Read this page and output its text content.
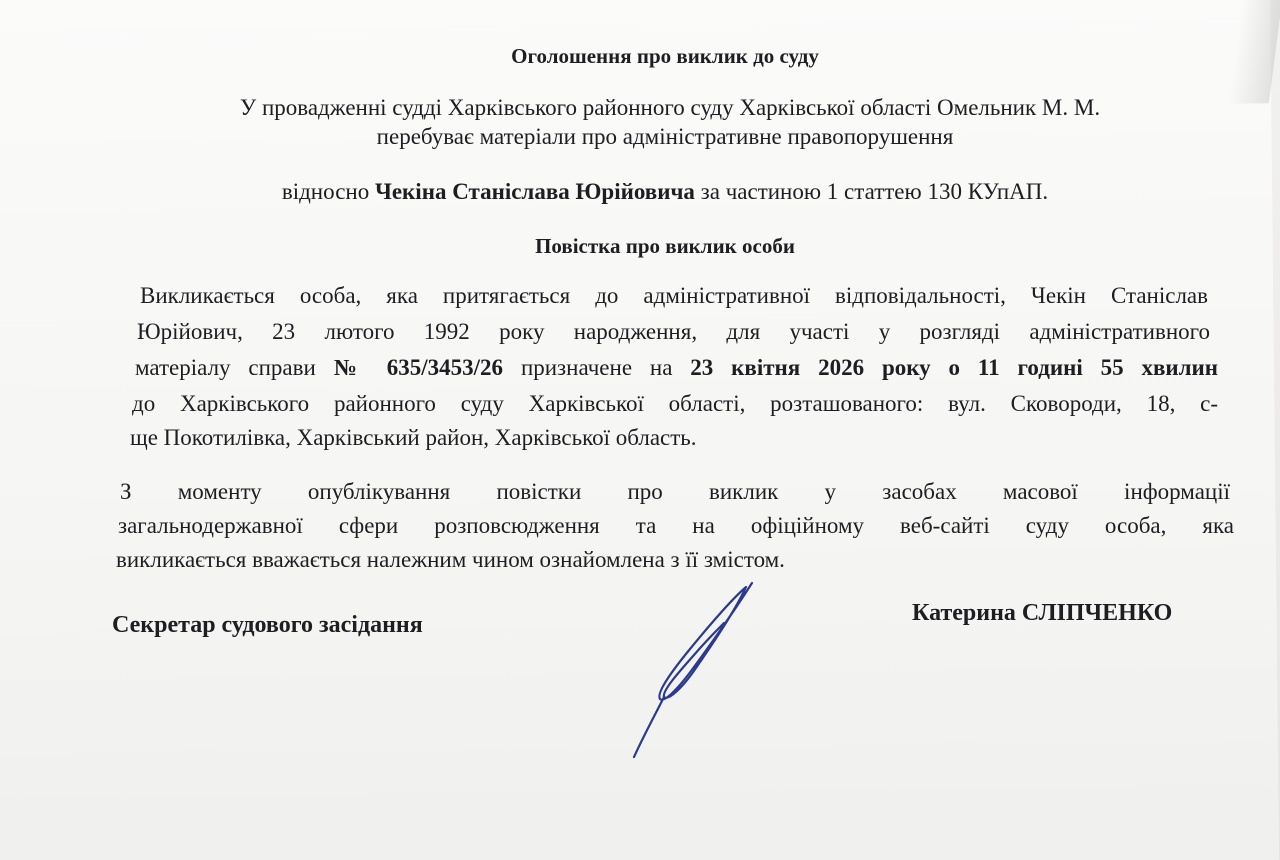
Оголошення про виклик до суду
У провадженні судді Харківського районного суду Харківської області Омельник М. М.
перебуває матеріали про адміністративне правопорушення
відносно Чекіна Станіслава Юрійовича за частиною 1 статтею 130 КУпАП.
Повістка про виклик особи
Викликається особа, яка притягається до адміністративної відповідальності, Чекін Станіслав
Юрійович, 23 лютого 1992 року народження, для участі у розгляді адміністративного
матеріалу справи № 635/3453/26 призначене на 23 квітня 2026 року о 11 годині 55 хвилин
до Харківського районного суду Харківської області, розташованого: вул. Сковороди, 18, с-
ще Покотилівка, Харківський район, Харківської область.
З моменту опублікування повістки про виклик у засобах масової інформації
загальнодержавної сфери розповсюдження та на офіційному веб-сайті суду особа, яка
викликається вважається належним чином ознайомлена з її змістом.
Секретар судового засідання	Катерина СЛІПЧЕНКО
